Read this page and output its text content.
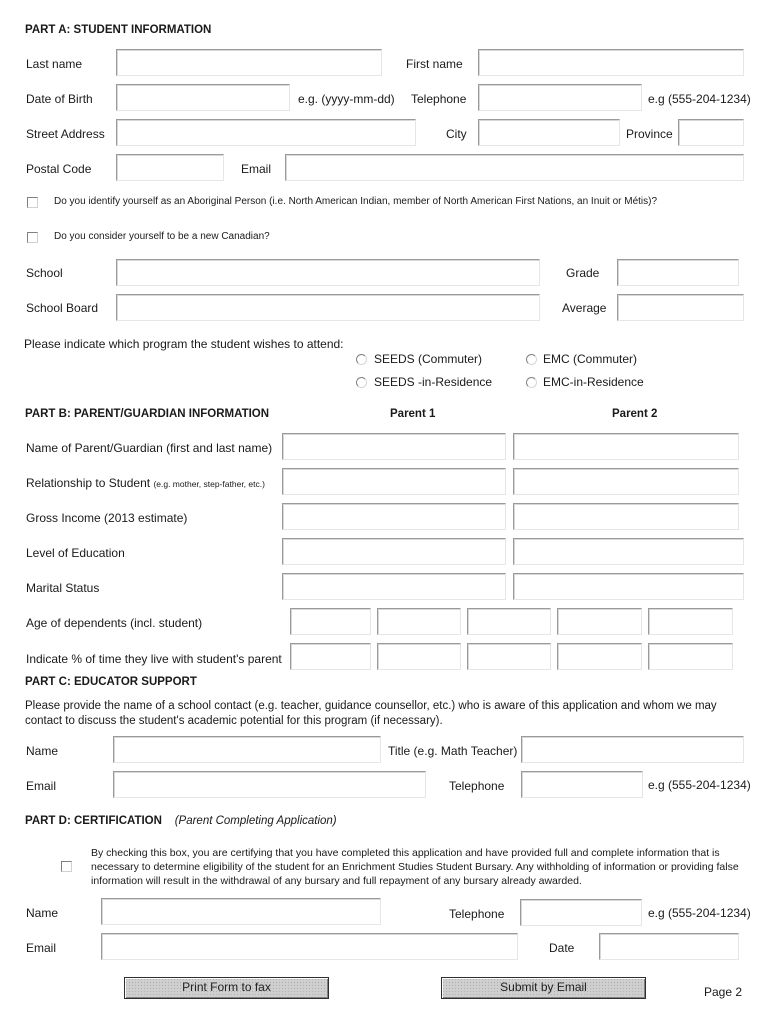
PART A: STUDENT INFORMATION
Last name	First name
Date of Birth	e.g. (yyyy-mm-dd) Telephone	e.g (555-204-1234)
Street Address	City	Province
Postal Code	Email
Do you identify yourself as an Aboriginal Person (i.e. North American Indian, member of North American First Nations, an Inuit or Métis)?
Do you consider yourself to be a new Canadian?
School	Grade
School Board	Average
Please indicate which program the student wishes to attend:
SEEDS (Commuter)	EMC (Commuter)
SEEDS -in-Residence	EMC-in-Residence
PART B: PARENT/GUARDIAN INFORMATION	Parent 1	Parent 2
Name of Parent/Guardian (first and last name)
Relationship to Student (e.g. mother, step-father, etc.)
Gross Income (2013 estimate)
Level of Education
Marital Status
Age of dependents (incl. student)
Indicate % of time they live with student's parent
PART C: EDUCATOR SUPPORT
Please provide the name of a school contact (e.g. teacher, guidance counsellor, etc.) who is aware of this application and whom we may contact to discuss the student's academic potential for this program (if necessary).
Name	Title (e.g. Math Teacher)
Email	Telephone	e.g (555-204-1234)
PART D: CERTIFICATION (Parent Completing Application)
By checking this box, you are certifying that you have completed this application and have provided full and complete information that is necessary to determine eligibility of the student for an Enrichment Studies Student Bursary. Any withholding of information or providing false information will result in the withdrawal of any bursary and full repayment of any bursary already awarded.
Name	Telephone	e.g (555-204-1234)
Email	Date
Print Form to fax	Submit by Email	Page 2
